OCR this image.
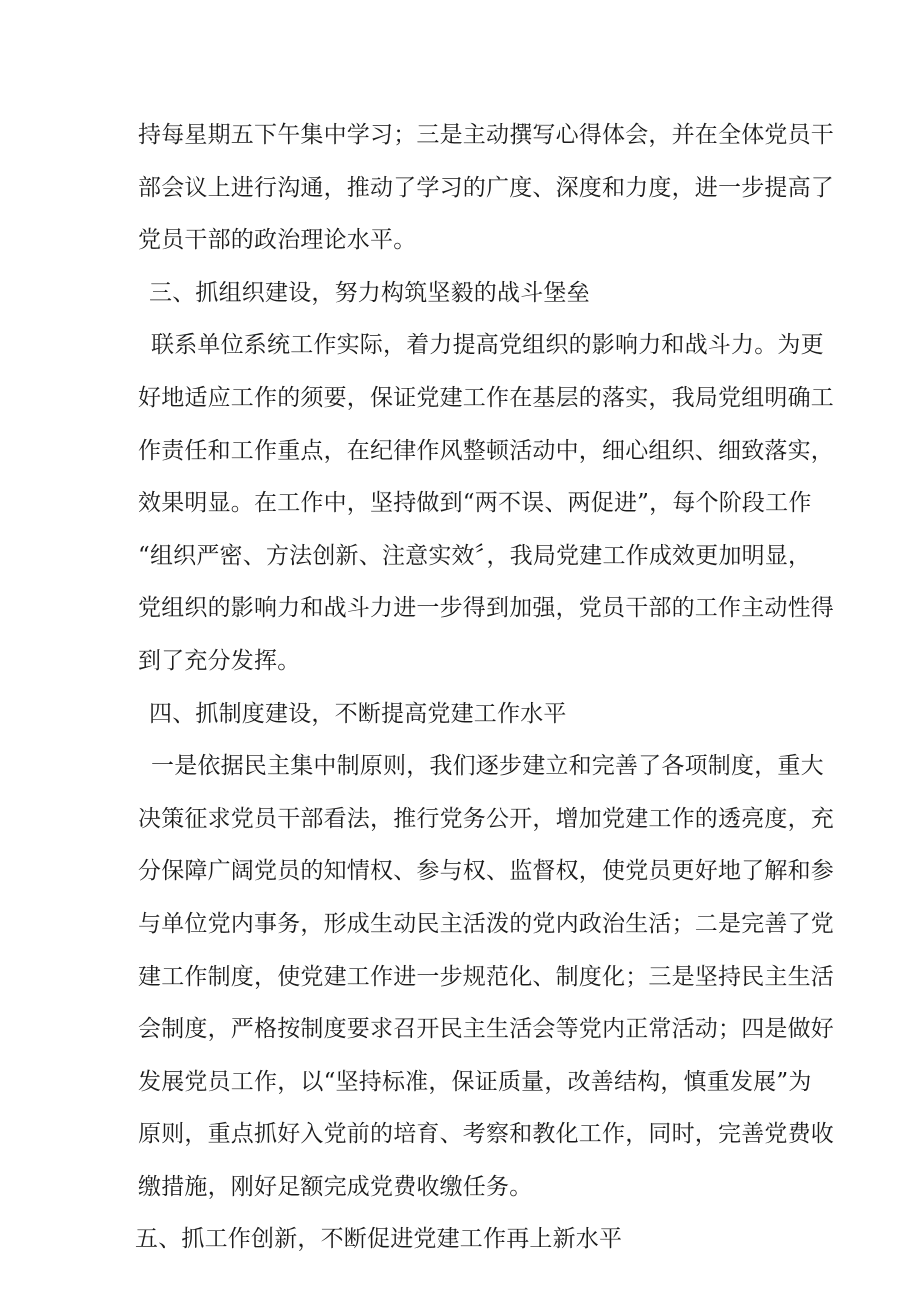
持每星期五下午集中学习；三是主动撰写心得体会，并在全体党员干
部会议上进行沟通，推动了学习的广度、深度和力度，进一步提高了
党员干部的政治理论水平。
三、抓组织建设，努力构筑坚毅的战斗堡垒
联系单位系统工作实际，着力提高党组织的影响力和战斗力。为更
好地适应工作的须要，保证党建工作在基层的落实，我局党组明确工
作责任和工作重点，在纪律作风整顿活动中，细心组织、细致落实，
效果明显。在工作中，坚持做到“两不误、两促进”，每个阶段工作
“组织严密、方法创新、注意实效〞，我局党建工作成效更加明显，
党组织的影响力和战斗力进一步得到加强，党员干部的工作主动性得
到了充分发挥。
四、抓制度建设，不断提高党建工作水平
一是依据民主集中制原则，我们逐步建立和完善了各项制度，重大
决策征求党员干部看法，推行党务公开，增加党建工作的透亮度，充
分保障广阔党员的知情权、参与权、监督权，使党员更好地了解和参
与单位党内事务，形成生动民主活泼的党内政治生活；二是完善了党
建工作制度，使党建工作进一步规范化、制度化；三是坚持民主生活
会制度，严格按制度要求召开民主生活会等党内正常活动；四是做好
发展党员工作，以“坚持标准，保证质量，改善结构，慎重发展”为
原则，重点抓好入党前的培育、考察和教化工作，同时，完善党费收
缴措施，刚好足额完成党费收缴任务。
五、抓工作创新，不断促进党建工作再上新水平
